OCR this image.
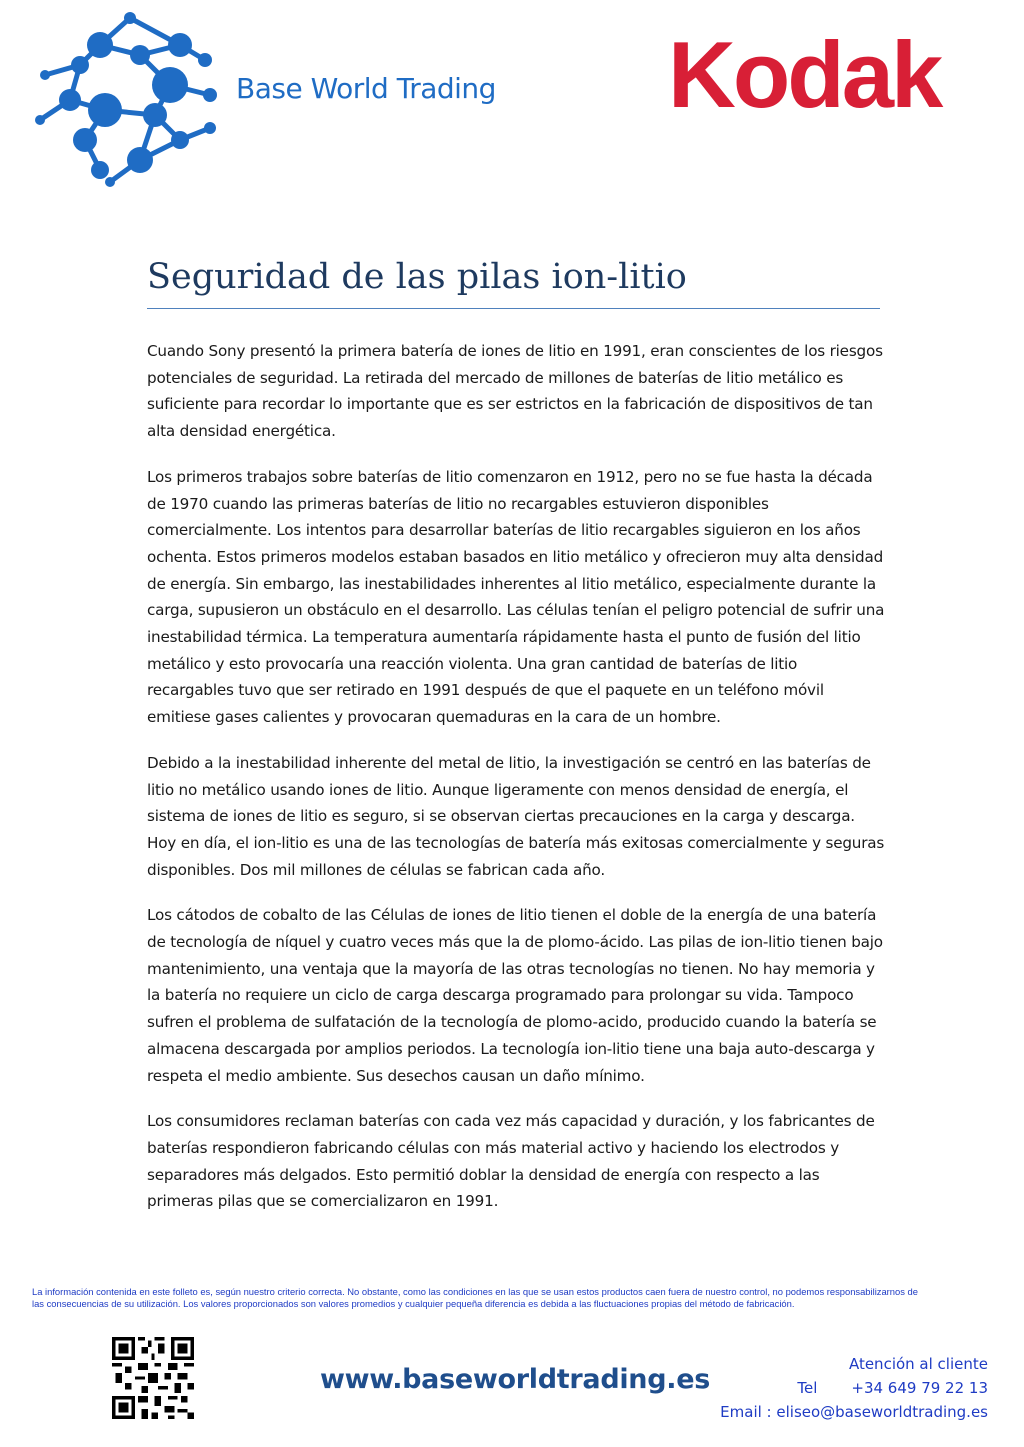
Base World Trading Kodak
Seguridad de las pilas ion-litio

Cuando Sony presentó la primera batería de iones de litio en 1991, eran conscientes de los riesgos potenciales de seguridad. La retirada del mercado de millones de baterías de litio metálico es suficiente para recordar lo importante que es ser estrictos en la fabricación de dispositivos de tan alta densidad energética.

Los primeros trabajos sobre baterías de litio comenzaron en 1912, pero no se fue hasta la década de 1970 cuando las primeras baterías de litio no recargables estuvieron disponibles comercialmente. Los intentos para desarrollar baterías de litio recargables siguieron en los años ochenta. Estos primeros modelos estaban basados en litio metálico y ofrecieron muy alta densidad de energía. Sin embargo, las inestabilidades inherentes al litio metálico, especialmente durante la carga, supusieron un obstáculo en el desarrollo. Las células tenían el peligro potencial de sufrir una inestabilidad térmica. La temperatura aumentaría rápidamente hasta el punto de fusión del litio metálico y esto provocaría una reacción violenta. Una gran cantidad de baterías de litio recargables tuvo que ser retirado en 1991 después de que el paquete en un teléfono móvil emitiese gases calientes y provocaran quemaduras en la cara de un hombre.

Debido a la inestabilidad inherente del metal de litio, la investigación se centró en las baterías de litio no metálico usando iones de litio. Aunque ligeramente con menos densidad de energía, el sistema de iones de litio es seguro, si se observan ciertas precauciones en la carga y descarga. Hoy en día, el ion-litio es una de las tecnologías de batería más exitosas comercialmente y seguras disponibles. Dos mil millones de células se fabrican cada año.

Los cátodos de cobalto de las Células de iones de litio tienen el doble de la energía de una batería de tecnología de níquel y cuatro veces más que la de plomo-ácido. Las pilas de ion-litio tienen bajo mantenimiento, una ventaja que la mayoría de las otras tecnologías no tienen. No hay memoria y la batería no requiere un ciclo de carga descarga programado para prolongar su vida. Tampoco sufren el problema de sulfatación de la tecnología de plomo-acido, producido cuando la batería se almacena descargada por amplios periodos. La tecnología ion-litio tiene una baja auto-descarga y respeta el medio ambiente. Sus desechos causan un daño mínimo.

Los consumidores reclaman baterías con cada vez más capacidad y duración, y los fabricantes de baterías respondieron fabricando células con más material activo y haciendo los electrodos y separadores más delgados. Esto permitió doblar la densidad de energía con respecto a las primeras pilas que se comercializaron en 1991.

La información contenida en este folleto es, según nuestro criterio correcta. No obstante, como las condiciones en las que se usan estos productos caen fuera de nuestro control, no podemos responsabilizarnos de
las consecuencias de su utilización. Los valores proporcionados son valores promedios y cualquier pequeña diferencia es debida a las fluctuaciones propias del método de fabricación.
www.baseworldtrading.es	Atención al cliente
Tel +34 649 79 22 13
Email : eliseo@baseworldtrading.es
